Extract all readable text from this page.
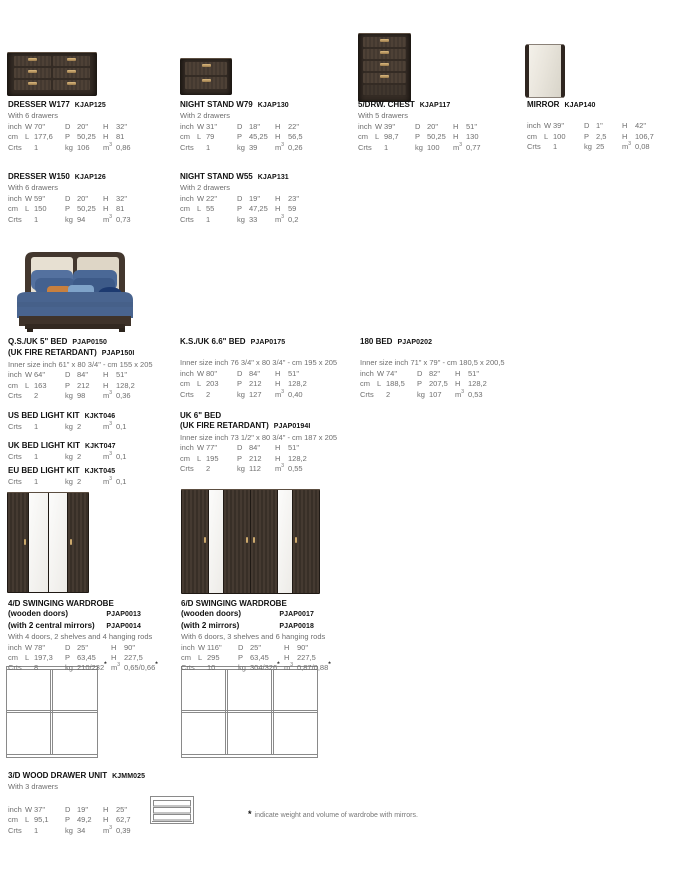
DRESSER W177 KJAP125
With 6 drawers
inch W 70"	D 20"	H	32"
cm L 177,6	P 50,25 H	81
Crts	1	kg 106	$m^3$ 0,86
NIGHT STAND W79 KJAP130
With 2 drawers
inch W 31"	D 18"	H	22"
cm L 79	P 45,25 H	56,5
Crts	1	kg 39	$m^3$ 0,26
5/DRW. CHEST KJAP117
With 5 drawers
inch W 39"	D 20"	H	51"
cm L 98,7	P 50,25 H	130
Crts	1	kg 100	$m^3$ 0,77
MIRROR KJAP140
inch W 39"	D 1"	H	42"
cm L 100	P 2,5	H	106,7
Crts	1	kg 25	$m^3$ 0,08
DRESSER W150 KJAP126
With 6 drawers
inch W 59"	D 20"	H	32"
cm L 150	P 50,25 H	81
Crts	1	kg 94	$m^3$ 0,73
NIGHT STAND W55 KJAP131
With 2 drawers
inch W 22"	D 19"	H	23"
cm L 55	P 47,25 H	59
Crts	1	kg 33	$m^3$ 0,2
Q.S./UK 5" BED PJAP0150
(UK FIRE RETARDANT) PJAP150I
Inner size inch 61" x 80 3/4" - cm 155 x 205
inch W 64"	D 84"	H	51"
cm L 163	P 212	H	128,2
Crts	2	kg 98	$m^3$ 0,36
K.S./UK 6.6" BED PJAP0175
Inner size inch 76 3/4" x 80 3/4" - cm 195 x 205
inch W 80"	D 84"	H	51"
cm L 203	P 212	H	128,2
Crts	2	kg 127	$m^3$ 0,40
180 BED PJAP0202
Inner size inch 71" x 79" - cm 180,5 x 200,5
inch W 74"	D 82"	H	51"
cm L 188,5	P 207,5 H	128,2
Crts	2	kg 107	$m^3$ 0,53
US BED LIGHT KIT KJKT046
Crts	1	kg 2	$m^3$ 0,1
UK BED LIGHT KIT KJKT047
Crts	1	kg 2	$m^3$ 0,1
EU BED LIGHT KIT KJKT045
Crts	1	kg 2	$m^3$ 0,1
UK 6" BED
(UK FIRE RETARDANT) PJAP0194I
Inner size inch 73 1/2" x 80 3/4" - cm 187 x 205
inch W 77"	D 84"	H	51"
cm L 195	P 212	H	128,2
Crts	2	kg 112	$m^3$ 0,55
4/D SWINGING WARDROBE
(wooden doors)	PJAP0013
(with 2 central mirrors) PJAP0014
With 4 doors, 2 shelves and 4 hanging rods
inch W 78"	D 25"	H	90"
cm L 197,3	P 63,45	H	227,5
Crts	8	kg 210/232* $m^3$ 0,65/0,66*
6/D SWINGING WARDROBE
(wooden doors)	PJAP0017
(with 2 mirrors)	PJAP0018
With 6 doors, 3 shelves and 6 hanging rods
inch W 116"	D 25"	H	90"
cm L 295	P 63,45	H	227,5
Crts	10	kg 304/326* $m^3$ 0,87/0,88*
3/D WOOD DRAWER UNIT KJMM025
With 3 drawers
inch W 37"	D 19"	H	25"
cm L 95,1	P 49,2	H	62,7
Crts	1	kg 34	$m^3$ 0,39
* indicate weight and volume of wardrobe with mirrors.
